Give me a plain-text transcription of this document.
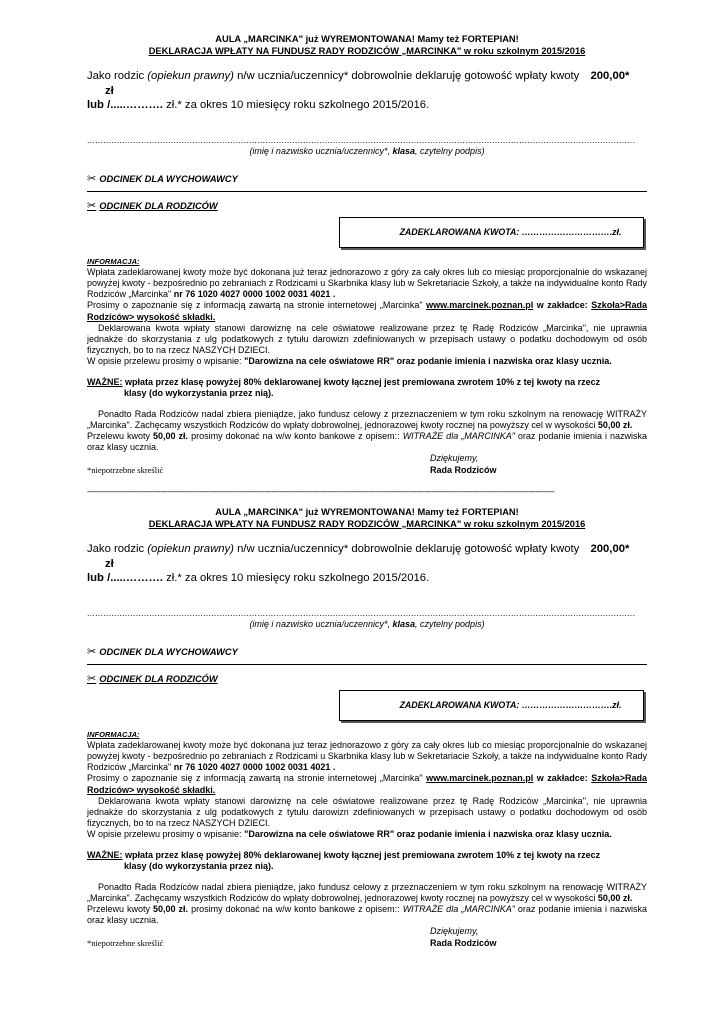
AULA „MARCINKA" już WYREMONTOWANA! Mamy też FORTEPIAN!
DEKLARACJA WPŁATY NA FUNDUSZ RADY RODZICÓW „MARCINKA" w roku szkolnym 2015/2016
Jako rodzic (opiekun prawny) n/w ucznia/uczennicy* dobrowolnie deklaruję gotowość wpłaty kwoty 200,00* zł
lub /.....………. zł.* za okres 10 miesięcy roku szkolnego 2015/2016.
...........................................................................................................................................................................................................
(imię i nazwisko ucznia/uczennicy*, klasa, czytelny podpis)
✂ ODCINEK DLA WYCHOWAWCY
✂ ODCINEK DLA RODZICÓW
ZADEKLAROWANA KWOTA: ………………………….zł.
INFORMACJA:

Wpłata zadeklarowanej kwoty może być dokonana już teraz jednorazowo z góry za cały okres lub co miesiąc proporcjonalnie do wskazanej powyżej kwoty - bezpośrednio po zebraniach z Rodzicami u Skarbnika klasy lub w Sekretariacie Szkoły, a także na indywidualne konto Rady Rodziców „Marcinka" nr 76 1020 4027 0000 1002 0031 4021 .

Prosimy o zapoznanie się z informacją zawartą na stronie internetowej „Marcinka" www.marcinek.poznan.pl w zakładce: Szkoła>Rada Rodziców> wysokość składki.

Deklarowana kwota wpłaty stanowi darowiznę na cele oświatowe realizowane przez tę Radę Rodziców „Marcinka", nie uprawnia jednakże do skorzystania z ulg podatkowych z tytułu darowizn zdefiniowanych w przepisach ustawy o podatku dochodowym od osób fizycznych, bo to na rzecz NASZYCH DZIECI.

W opisie przelewu prosimy o wpisanie: "Darowizna na cele oświatowe RR" oraz podanie imienia i nazwiska oraz klasy ucznia.

WAŻNE: wpłata przez klasę powyżej 80% deklarowanej kwoty łącznej jest premiowana zwrotem 10% z tej kwoty na rzecz
klasy (do wykorzystania przez nią).

Ponadto Rada Rodziców nadal zbiera pieniądze, jako fundusz celowy z przeznaczeniem w tym roku szkolnym na renowację WITRAŻY „Marcinka". Zachęcamy wszystkich Rodziców do wpłaty dobrowolnej, jednorazowej kwoty rocznej na powyższy cel w wysokości 50,00 zł.

Przelewu kwoty 50,00 zł. prosimy dokonać na w/w konto bankowe z opisem:: WITRAŻE dla „MARCINKA" oraz podanie imienia i nazwiska oraz klasy ucznia.

Dziękujemy,
Rada Rodziców
*niepotrzebne skreślić
------------------------------------------------------------------------------------------------------------------------------------------------------------------------------------------------------------------------
AULA „MARCINKA" już WYREMONTOWANA! Mamy też FORTEPIAN!
DEKLARACJA WPŁATY NA FUNDUSZ RADY RODZICÓW „MARCINKA" w roku szkolnym 2015/2016
Jako rodzic (opiekun prawny) n/w ucznia/uczennicy* dobrowolnie deklaruję gotowość wpłaty kwoty 200,00* zł
lub /.....………. zł.* za okres 10 miesięcy roku szkolnego 2015/2016.
...........................................................................................................................................................................................................
(imię i nazwisko ucznia/uczennicy*, klasa, czytelny podpis)
✂ ODCINEK DLA WYCHOWAWCY
✂ ODCINEK DLA RODZICÓW
ZADEKLAROWANA KWOTA: ………………………….zł.
INFORMACJA:

Wpłata zadeklarowanej kwoty może być dokonana już teraz jednorazowo z góry za cały okres lub co miesiąc proporcjonalnie do wskazanej powyżej kwoty - bezpośrednio po zebraniach z Rodzicami u Skarbnika klasy lub w Sekretariacie Szkoły, a także na indywidualne konto Rady Rodziców „Marcinka" nr 76 1020 4027 0000 1002 0031 4021 .

Prosimy o zapoznanie się z informacją zawartą na stronie internetowej „Marcinka" www.marcinek.poznan.pl w zakładce: Szkoła>Rada Rodziców> wysokość składki.

Deklarowana kwota wpłaty stanowi darowiznę na cele oświatowe realizowane przez tę Radę Rodziców „Marcinka", nie uprawnia jednakże do skorzystania z ulg podatkowych z tytułu darowizn zdefiniowanych w przepisach ustawy o podatku dochodowym od osób fizycznych, bo to na rzecz NASZYCH DZIECI.

W opisie przelewu prosimy o wpisanie: "Darowizna na cele oświatowe RR" oraz podanie imienia i nazwiska oraz klasy ucznia.

WAŻNE: wpłata przez klasę powyżej 80% deklarowanej kwoty łącznej jest premiowana zwrotem 10% z tej kwoty na rzecz
klasy (do wykorzystania przez nią).

Ponadto Rada Rodziców nadal zbiera pieniądze, jako fundusz celowy z przeznaczeniem w tym roku szkolnym na renowację WITRAŻY „Marcinka". Zachęcamy wszystkich Rodziców do wpłaty dobrowolnej, jednorazowej kwoty rocznej na powyższy cel w wysokości 50,00 zł.

Przelewu kwoty 50,00 zł. prosimy dokonać na w/w konto bankowe z opisem:: WITRAŻE dla „MARCINKA" oraz podanie imienia i nazwiska oraz klasy ucznia.

Dziękujemy,
Rada Rodziców
*niepotrzebne skreślić
